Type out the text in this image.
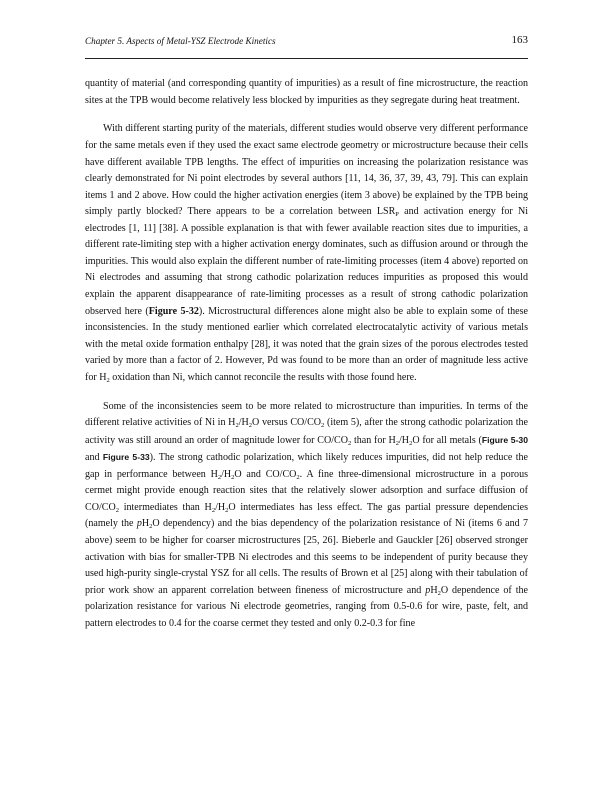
Chapter 5. Aspects of Metal-YSZ Electrode Kinetics	163

quantity of material (and corresponding quantity of impurities) as a result of fine microstructure, the reaction sites at the TPB would become relatively less blocked by impurities as they segregate during heat treatment.

With different starting purity of the materials, different studies would observe very different performance for the same metals even if they used the exact same electrode geometry or microstructure because their cells have different available TPB lengths. The effect of impurities on increasing the polarization resistance was clearly demonstrated for Ni point electrodes by several authors [11, 14, 36, 37, 39, 43, 79]. This can explain items 1 and 2 above. How could the higher activation energies (item 3 above) be explained by the TPB being simply partly blocked? There appears to be a correlation between $LSR_P$ and activation energy for Ni electrodes [1, 11] [38]. A possible explanation is that with fewer available reaction sites due to impurities, a different rate-limiting step with a higher activation energy dominates, such as diffusion around or through the impurities. This would also explain the different number of rate-limiting processes (item 4 above) reported on Ni electrodes and assuming that strong cathodic polarization reduces impurities as proposed this would explain the apparent disappearance of rate-limiting processes as a result of strong cathodic polarization observed here (Figure 5-32). Microstructural differences alone might also be able to explain some of these inconsistencies. In the study mentioned earlier which correlated electrocatalytic activity of various metals with the metal oxide formation enthalpy [28], it was noted that the grain sizes of the porous electrodes tested varied by more than a factor of 2. However, Pd was found to be more than an order of magnitude less active for $H_2$ oxidation than Ni, which cannot reconcile the results with those found here.

Some of the inconsistencies seem to be more related to microstructure than impurities. In terms of the different relative activities of Ni in $H_2/H_2O$ versus $CO/CO_2$ (item 5), after the strong cathodic polarization the activity was still around an order of magnitude lower for $CO/CO_2$ than for $H_2/H_2O$ for all metals (Figure 5-30 and Figure 5-33). The strong cathodic polarization, which likely reduces impurities, did not help reduce the gap in performance between $H_2/H_2O$ and $CO/CO_2$. A fine three-dimensional microstructure in a porous cermet might provide enough reaction sites that the relatively slower adsorption and surface diffusion of $CO/CO_2$ intermediates than $H_2/H_2O$ intermediates has less effect. The gas partial pressure dependencies (namely the $pH_2O$ dependency) and the bias dependency of the polarization resistance of Ni (items 6 and 7 above) seem to be higher for coarser microstructures [25, 26]. Bieberle and Gauckler [26] observed stronger activation with bias for smaller-TPB Ni electrodes and this seems to be independent of purity because they used high-purity single-crystal YSZ for all cells. The results of Brown et al [25] along with their tabulation of prior work show an apparent correlation between fineness of microstructure and $pH_2O$ dependence of the polarization resistance for various Ni electrode geometries, ranging from 0.5-0.6 for wire, paste, felt, and pattern electrodes to 0.4 for the coarse cermet they tested and only 0.2-0.3 for fine
